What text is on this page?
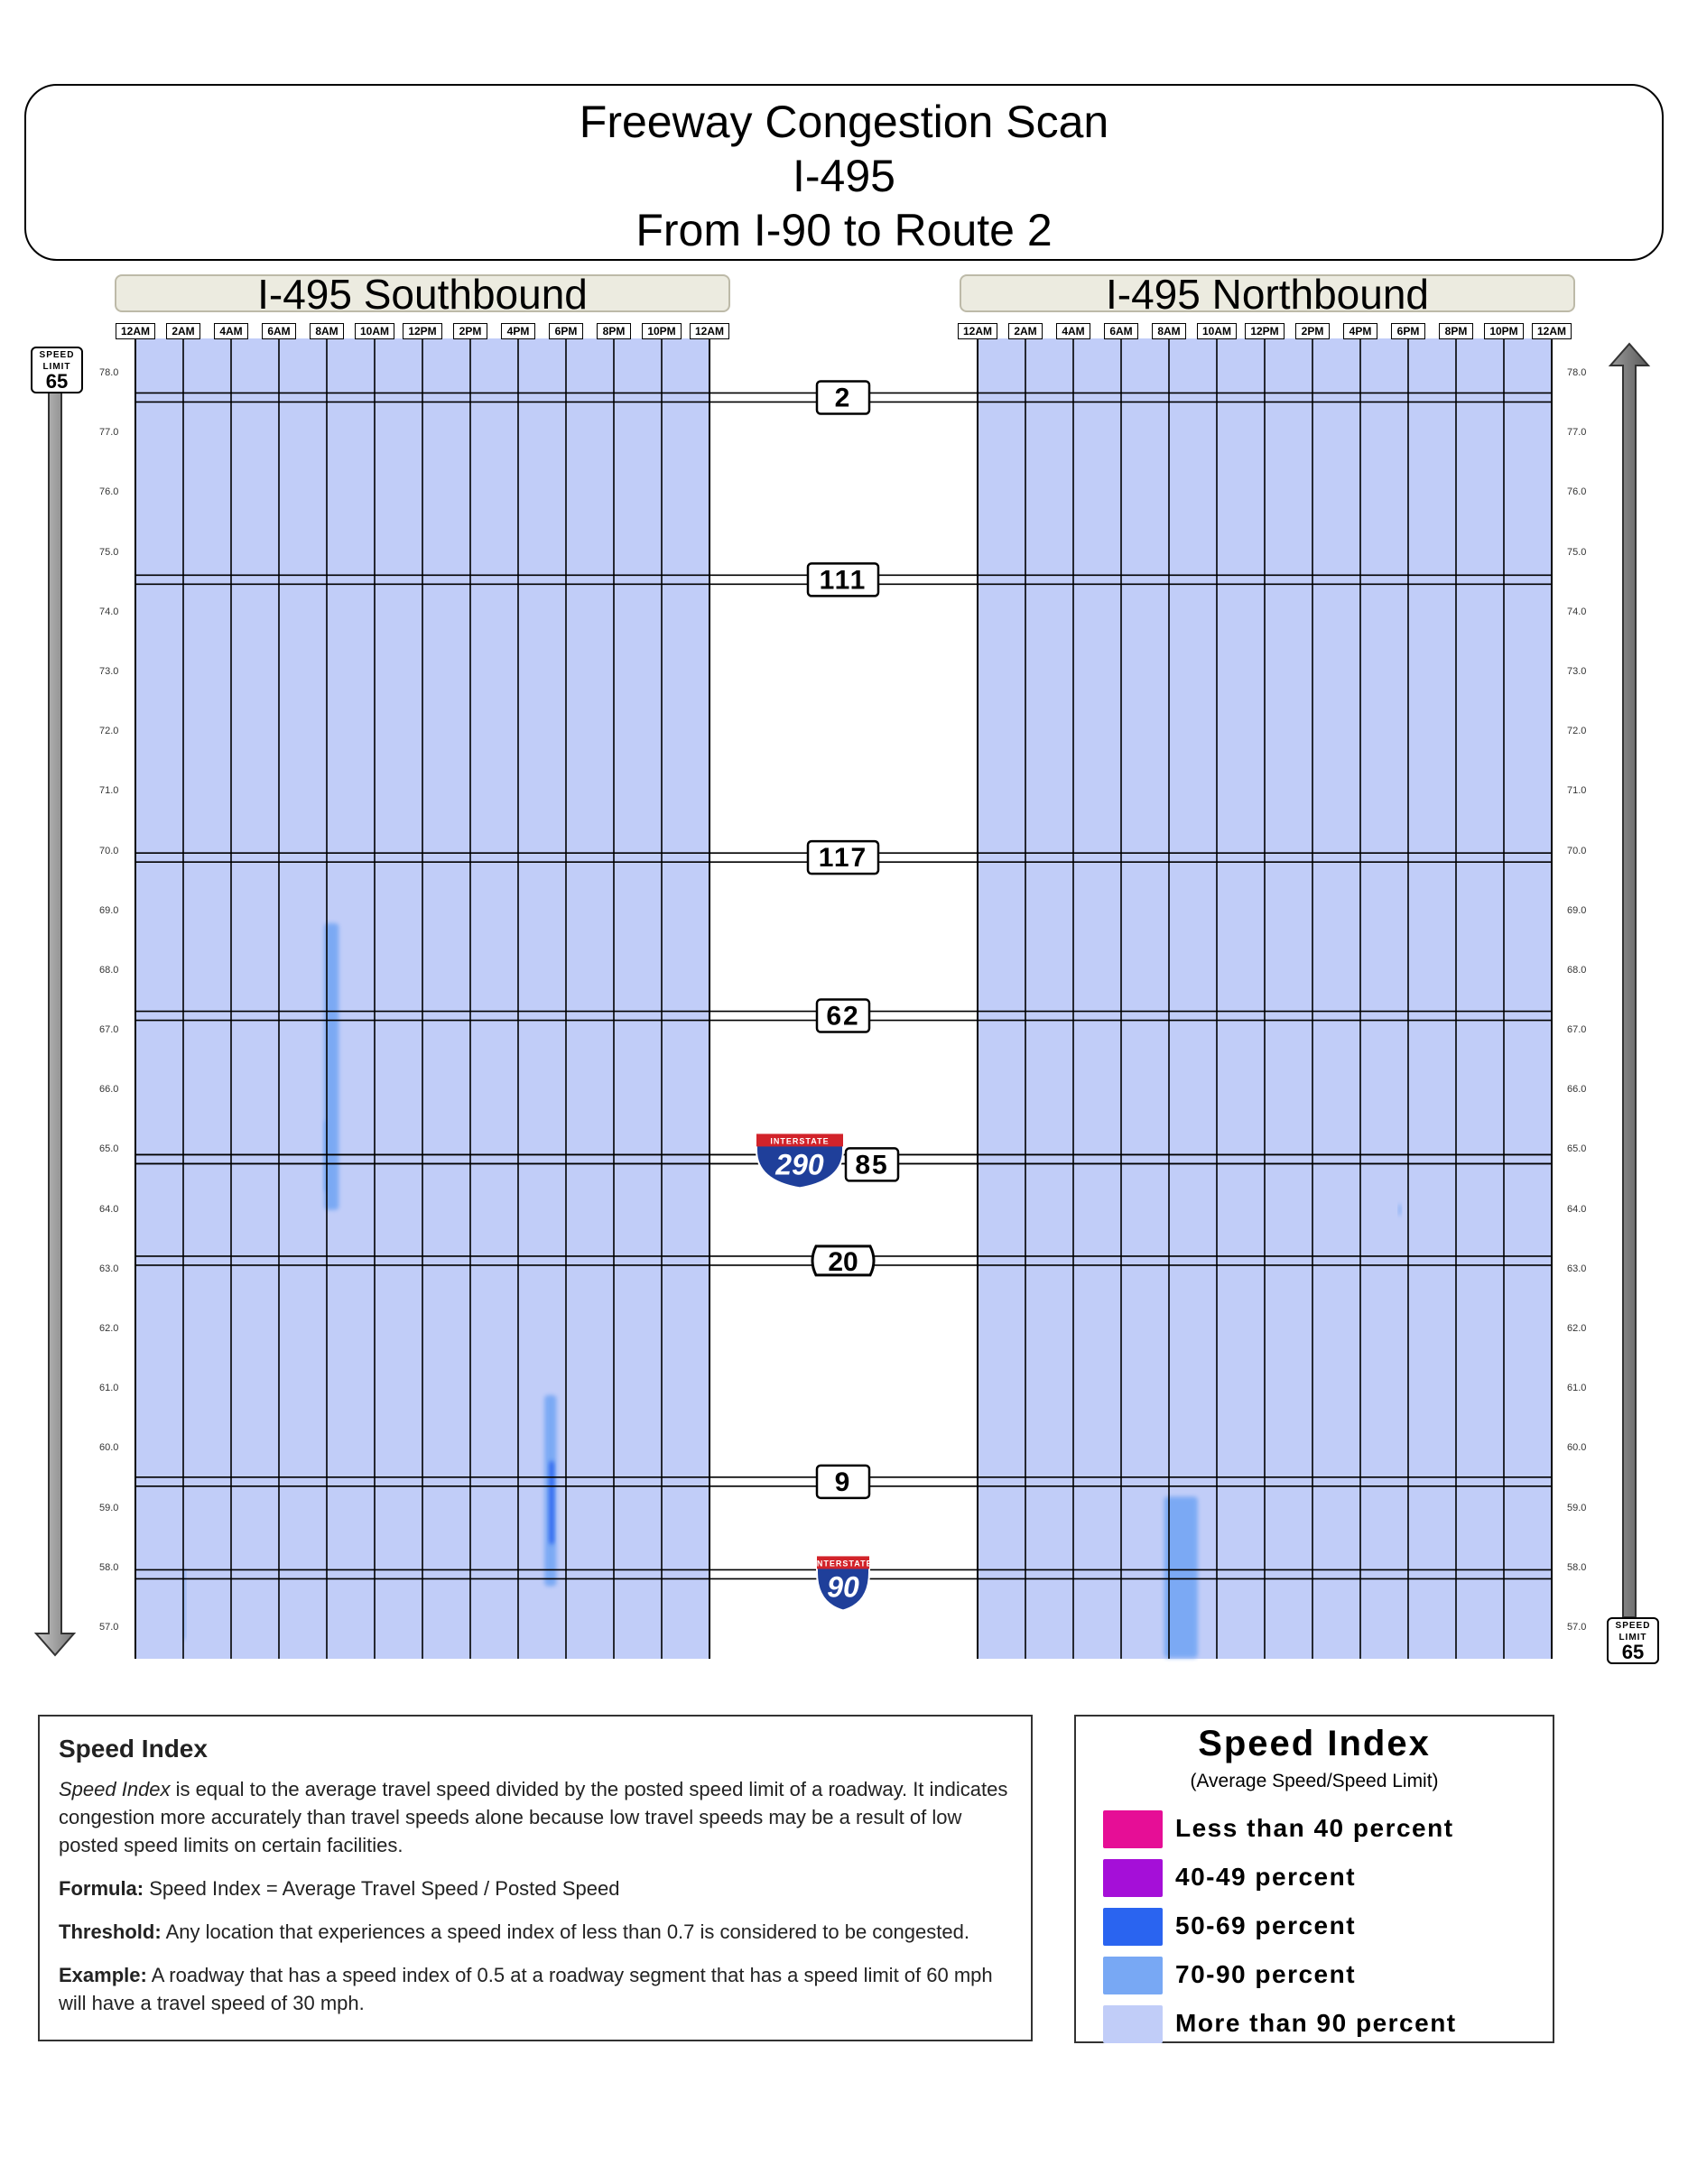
Freeway Congestion Scan
I-495
From I-90 to Route 2
I-495 Southbound	I-495 Northbound
2
111
117
62
INTERSTATE
290 85
20
9
INTERSTATE
90
12AM	2AM	4AM	6AM	8AM	10AM	12PM	2PM	4PM	6PM	8PM	10PM	12AM	12AM	2AM	4AM	6AM	8AM	10AM	12PM	2PM	4PM	6PM	8PM	10PM	12AM
78.0	78.0
77.0	77.0
76.0	76.0
75.0	75.0
74.0	74.0
73.0	73.0
72.0	72.0
71.0	71.0
70.0	70.0
69.0	69.0
68.0	68.0
67.0	67.0
66.0	66.0
65.0	65.0
64.0	64.0
63.0	63.0
62.0	62.0
61.0	61.0
60.0	60.0
59.0	59.0
58.0	58.0
57.0	57.0
SPEED
LIMIT
65
SPEED
LIMIT
65
Speed Index

Speed Index is equal to the average travel speed divided by the posted speed limit of a roadway. It indicates congestion more accurately than travel speeds alone because low travel speeds may be a result of low posted speed limits on certain facilities.

Formula: Speed Index = Average Travel Speed / Posted Speed

Threshold: Any location that experiences a speed index of less than 0.7 is considered to be congested.

Example: A roadway that has a speed index of 0.5 at a roadway segment that has a speed limit of 60 mph will have a travel speed of 30 mph.

Speed Index
(Average Speed/Speed Limit)
Less than 40 percent
40-49 percent
50-69 percent
70-90 percent
More than 90 percent
